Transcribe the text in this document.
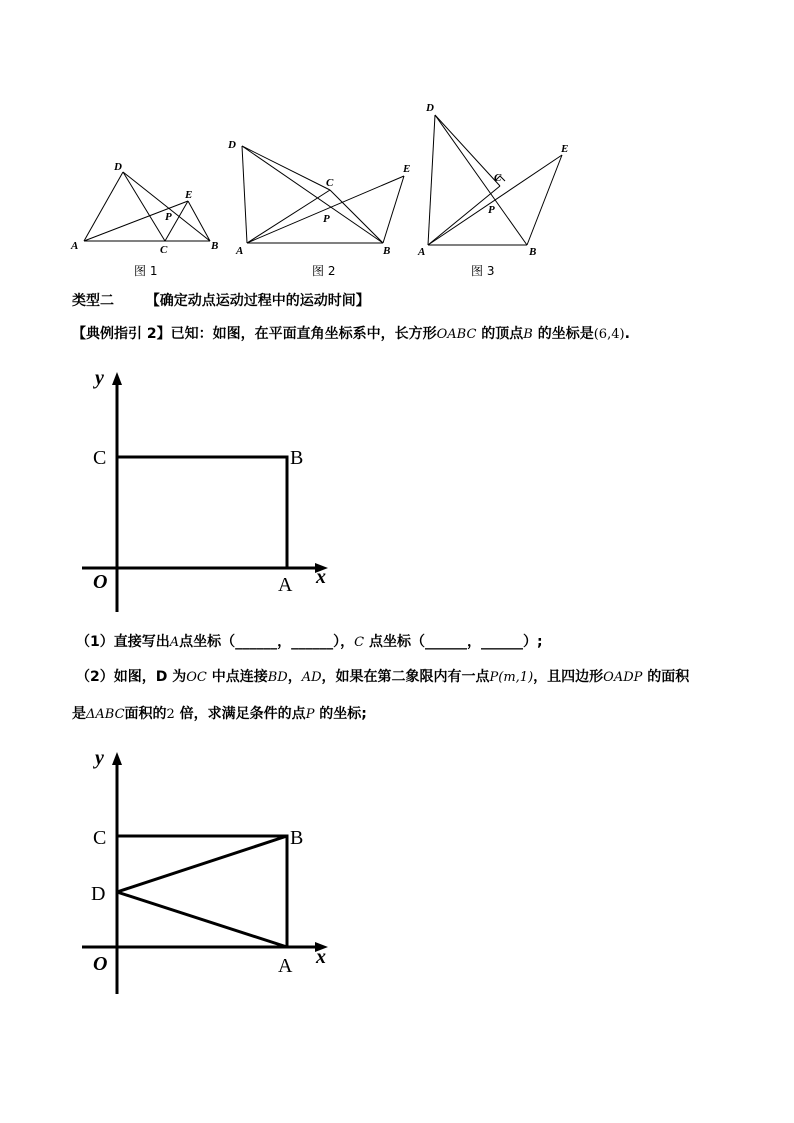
A
D
C	B
E
P
A
D
C
B
E
P
A
D
C
B
E
P
图 1	图 2	图 3
类型二 【确定动点运动过程中的运动时间】
【典例指引 2】已知：如图，在平面直角坐标系中，长方形OABC 的顶点B 的坐标是(6,4).
y
x
O
C	B
A
（1）直接写出A点坐标（______，______），C 点坐标（______，______）;
（2）如图，D 为OC 中点连接BD，AD，如果在第二象限内有一点P(m,1)，且四边形OADP 的面积
是ΔABC面积的2 倍，求满足条件的点P 的坐标;
y
x
O
C	B
D
A
